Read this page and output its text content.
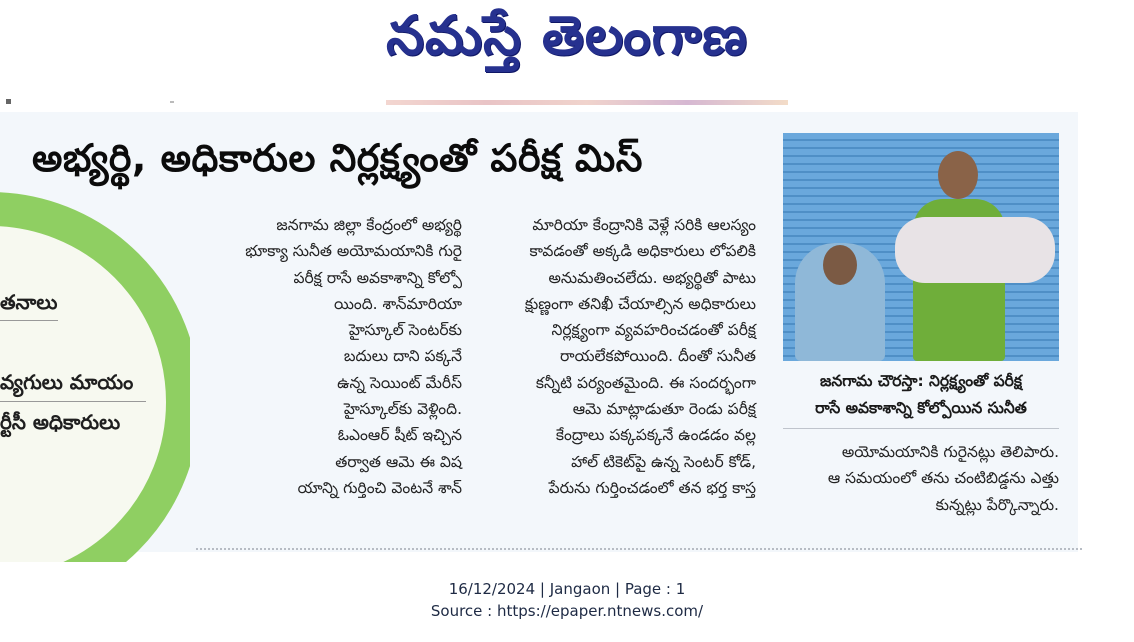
నమస్తే తెలంగాణ
తనాలు
వ్యగులు మాయం
ర్టీసీ అధికారులు
అభ్యర్థి, అధికారుల నిర్లక్ష్యంతో పరీక్ష మిస్
జనగామ జిల్లా కేంద్రంలో అభ్యర్థి
భూక్యా సునీత అయోమయానికి గురై
పరీక్ష రాసే అవకాశాన్ని కోల్పో
యింది. శాన్‌మారియా
హైస్కూల్ సెంటర్‌కు
బదులు దాని పక్కనే
ఉన్న సెయింట్ మేరీస్
హైస్కూల్‌కు వెళ్లింది.
ఓఎంఆర్ షీట్ ఇచ్చిన
తర్వాత ఆమె ఈ విష
యాన్ని గుర్తించి వెంటనే శాన్
మారియా కేంద్రానికి వెళ్లే సరికి ఆలస్యం
కావడంతో అక్కడి అధికారులు లోపలికి
అనుమతించలేదు. అభ్యర్థితో పాటు
క్షుణ్ణంగా తనిఖీ చేయాల్సిన అధికారులు
నిర్లక్ష్యంగా వ్యవహరించడంతో పరీక్ష
రాయలేకపోయింది. దీంతో సునీత
కన్నీటి పర్యంతమైంది. ఈ సందర్భంగా
ఆమె మాట్లాడుతూ రెండు పరీక్ష
కేంద్రాలు పక్కపక్కనే ఉండడం వల్ల
హాల్ టికెట్‌పై ఉన్న సెంటర్ కోడ్,
పేరును గుర్తించడంలో తన భర్త కాస్త
జనగామ చౌరస్తా: నిర్లక్ష్యంతో పరీక్ష
రాసే అవకాశాన్ని కోల్పోయిన సునీత
అయోమయానికి గురైనట్లు తెలిపారు.
ఆ సమయంలో తను చంటిబిడ్డను ఎత్తు
కున్నట్లు పేర్కొన్నారు.
16/12/2024 | Jangaon | Page : 1
Source : https://epaper.ntnews.com/
